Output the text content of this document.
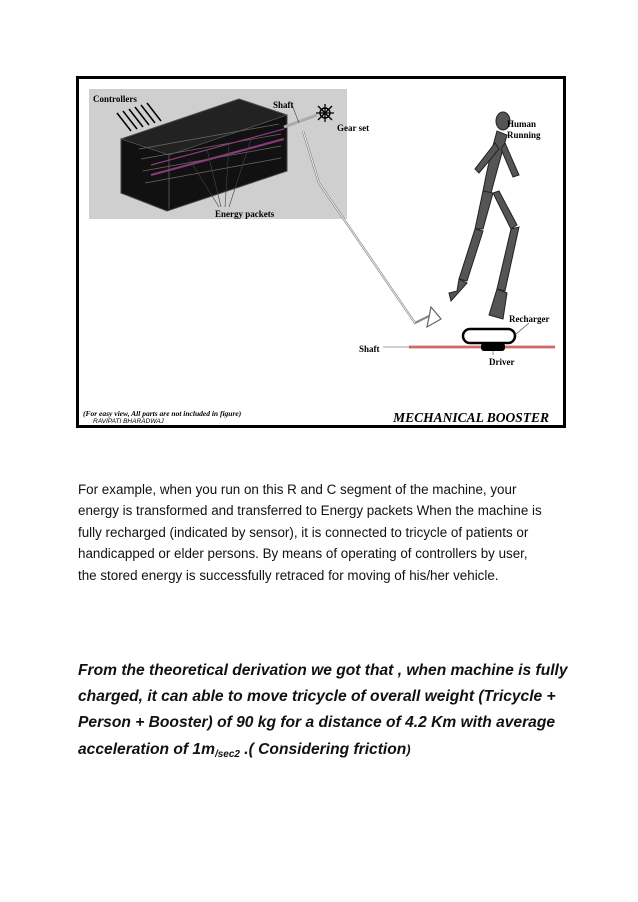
Controllers
Shaft
Gear set
Energy packets
Human
Running
Recharger
Shaft
Driver
(For easy view, All parts are not included in figure)
RAVIPATI BHARADWAJ	MECHANICAL BOOSTER
For example, when you run on this R and C segment of the machine, your
energy is transformed and transferred to Energy packets When the machine is
fully recharged (indicated by sensor), it is connected to tricycle of patients or
handicapped or elder persons. By means of operating of controllers by user,
the stored energy is successfully retraced for moving of his/her vehicle.
From the theoretical derivation we got that , when machine is fully
charged, it can able to move tricycle of overall weight (Tricycle +
Person + Booster) of 90 kg for a distance of 4.2 Km with average
acceleration of $1m_{/sec2}$ .( Considering friction)
